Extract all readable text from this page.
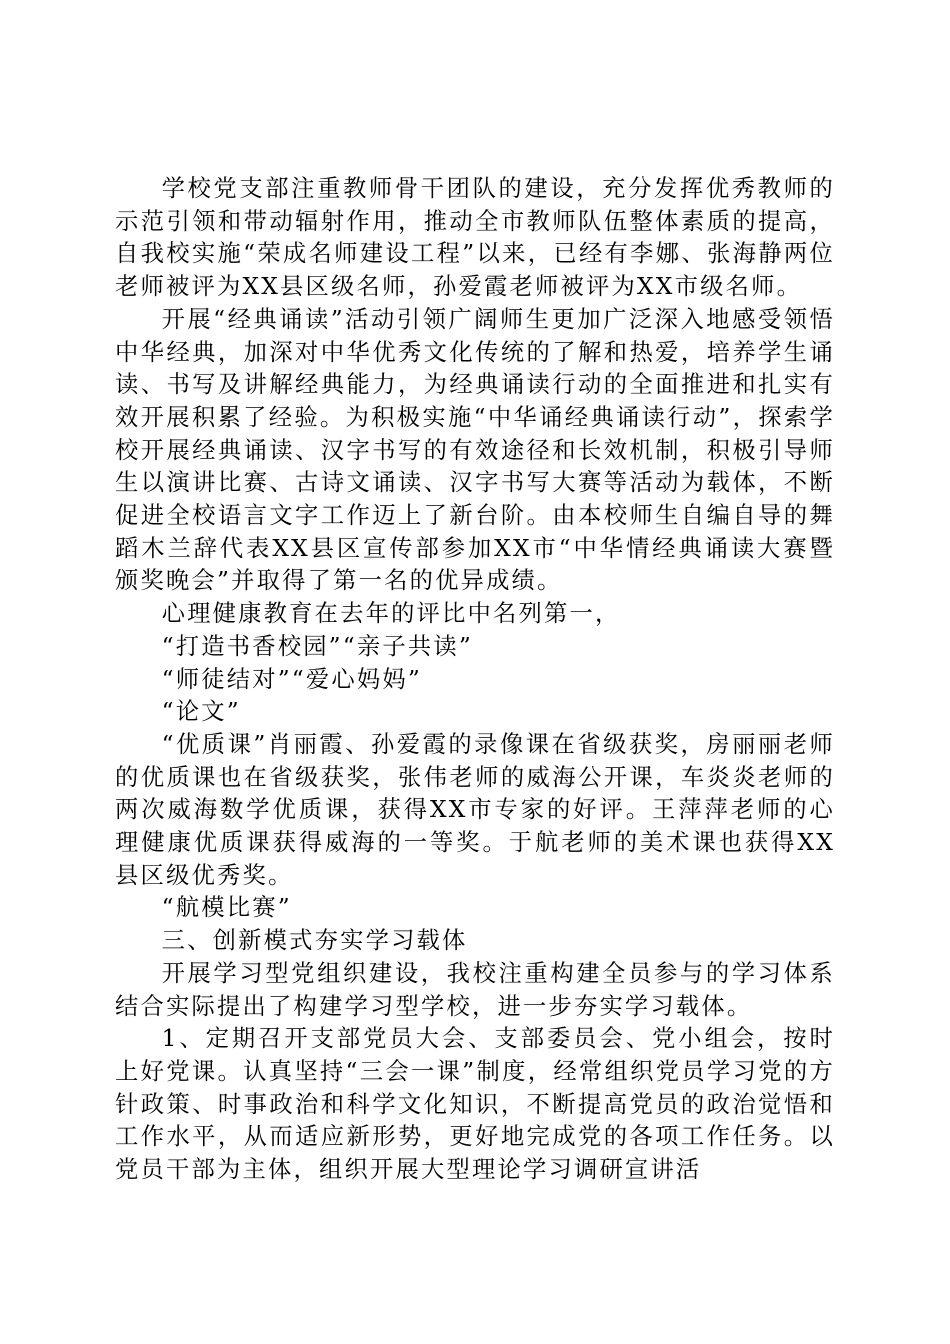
学校党支部注重教师骨干团队的建设，充分发挥优秀教师的示范引领和带动辐射作用，推动全市教师队伍整体素质的提高，自我校实施“荣成名师建设工程”以来，已经有李娜、张海静两位老师被评为XX县区级名师，孙爱霞老师被评为XX市级名师。

开展“经典诵读”活动引领广阔师生更加广泛深入地感受领悟中华经典，加深对中华优秀文化传统的了解和热爱，培养学生诵读、书写及讲解经典能力，为经典诵读行动的全面推进和扎实有效开展积累了经验。为积极实施“中华诵经典诵读行动”，探索学校开展经典诵读、汉字书写的有效途径和长效机制，积极引导师生以演讲比赛、古诗文诵读、汉字书写大赛等活动为载体，不断促进全校语言文字工作迈上了新台阶。由本校师生自编自导的舞蹈木兰辞代表XX县区宣传部参加XX市“中华情经典诵读大赛暨颁奖晚会”并取得了第一名的优异成绩。

心理健康教育在去年的评比中名列第一，

“打造书香校园”“亲子共读”

“师徒结对”“爱心妈妈”

“论文”

“优质课”肖丽霞、孙爱霞的录像课在省级获奖，房丽丽老师的优质课也在省级获奖，张伟老师的威海公开课，车炎炎老师的两次威海数学优质课，获得XX市专家的好评。王萍萍老师的心理健康优质课获得威海的一等奖。于航老师的美术课也获得XX县区级优秀奖。

“航模比赛”

三、创新模式夯实学习载体

开展学习型党组织建设，我校注重构建全员参与的学习体系结合实际提出了构建学习型学校，进一步夯实学习载体。

1、定期召开支部党员大会、支部委员会、党小组会，按时上好党课。认真坚持“三会一课”制度，经常组织党员学习党的方针政策、时事政治和科学文化知识，不断提高党员的政治觉悟和工作水平，从而适应新形势，更好地完成党的各项工作任务。以党员干部为主体，组织开展大型理论学习调研宣讲活
